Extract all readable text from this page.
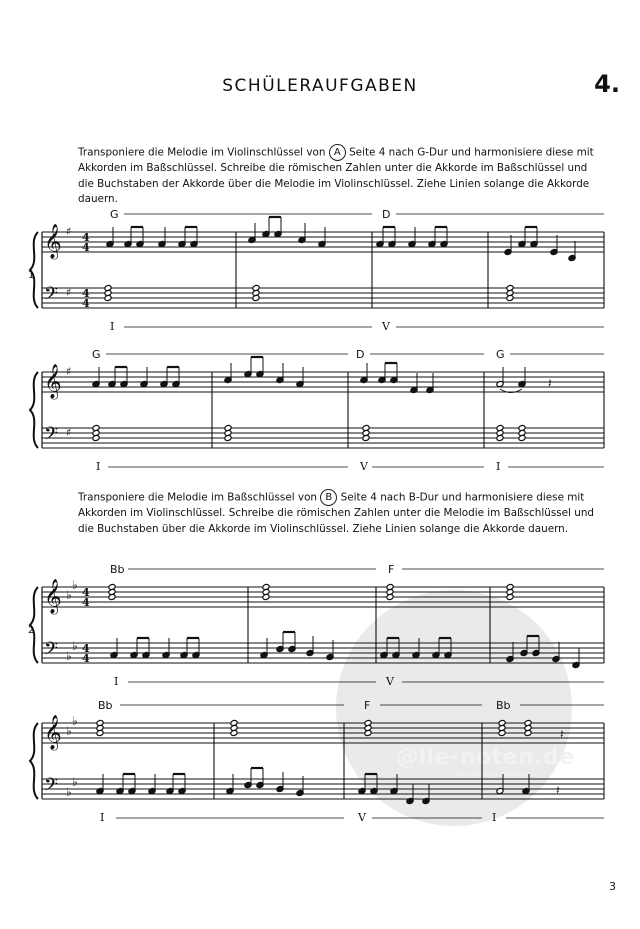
SCHÜLERAUFGABEN	4.

Transponiere die Melodie im Violinschlüssel von A Seite 4 nach G-Dur und harmonisiere diese mit Akkorden im Baßschlüssel. Schreibe die römischen Zahlen unter die Akkorde im Baßschlüssel und die Buchstaben der Akkorde über die Melodie im Violinschlüssel. Ziehe Linien solange die Akkorde dauern.

Transponiere die Melodie im Baßschlüssel von B Seite 4 nach B-Dur und harmonisiere diese mit Akkorden im Violinschlüssel. Schreibe die römischen Zahlen unter die Melodie im Baßschlüssel und die Buchstaben über die Akkorde im Violinschlüssel. Ziehe Linien solange die Akkorde dauern.

@lle-noten.de
Der Online-Notenversand
𝄞
𝄢
♯
♯
4
4
4
4
1
G	D
I	V
𝄞
𝄢
♯
♯
G	D	G
I	V	I
𝄽
𝄞
𝄢
♭
♭
♭
♭
4
4
4
4
2
Bb	F
I	V
𝄞
𝄢
♭
♭
♭
♭
Bb	F	Bb
I	V	I
𝄽
𝄽
3
